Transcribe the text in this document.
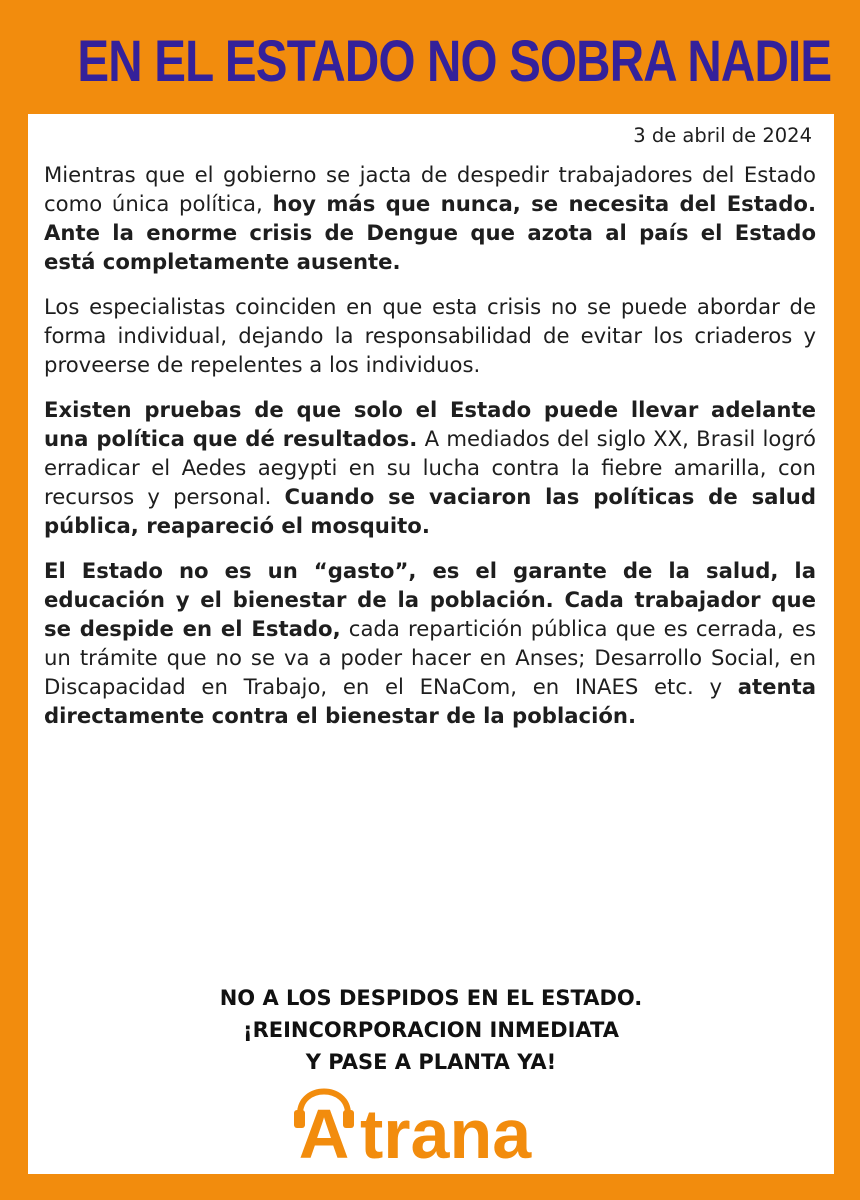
EN EL ESTADO NO SOBRA NADIE
3 de abril de 2024

Mientras que el gobierno se jacta de despedir trabajadores del Estado como única política, hoy más que nunca, se necesita del Estado. Ante la enorme crisis de Dengue que azota al país el Estado está completamente ausente.

Los especialistas coinciden en que esta crisis no se puede abordar de forma individual, dejando la responsabilidad de evitar los criaderos y proveerse de repelentes a los individuos.

Existen pruebas de que solo el Estado puede llevar adelante una política que dé resultados. A mediados del siglo XX, Brasil logró erradicar el Aedes aegypti en su lucha contra la fiebre amarilla, con recursos y personal. Cuando se vaciaron las políticas de salud pública, reapareció el mosquito.

El Estado no es un “gasto”, es el garante de la salud, la educación y el bienestar de la población. Cada trabajador que se despide en el Estado, cada repartición pública que es cerrada, es un trámite que no se va a poder hacer en Anses; Desarrollo Social, en Discapacidad en Trabajo, en el ENaCom, en INAES etc. y atenta directamente contra el bienestar de la población.

NO A LOS DESPIDOS EN EL ESTADO.
¡REINCORPORACION INMEDIATA
Y PASE A PLANTA YA!
A trana
